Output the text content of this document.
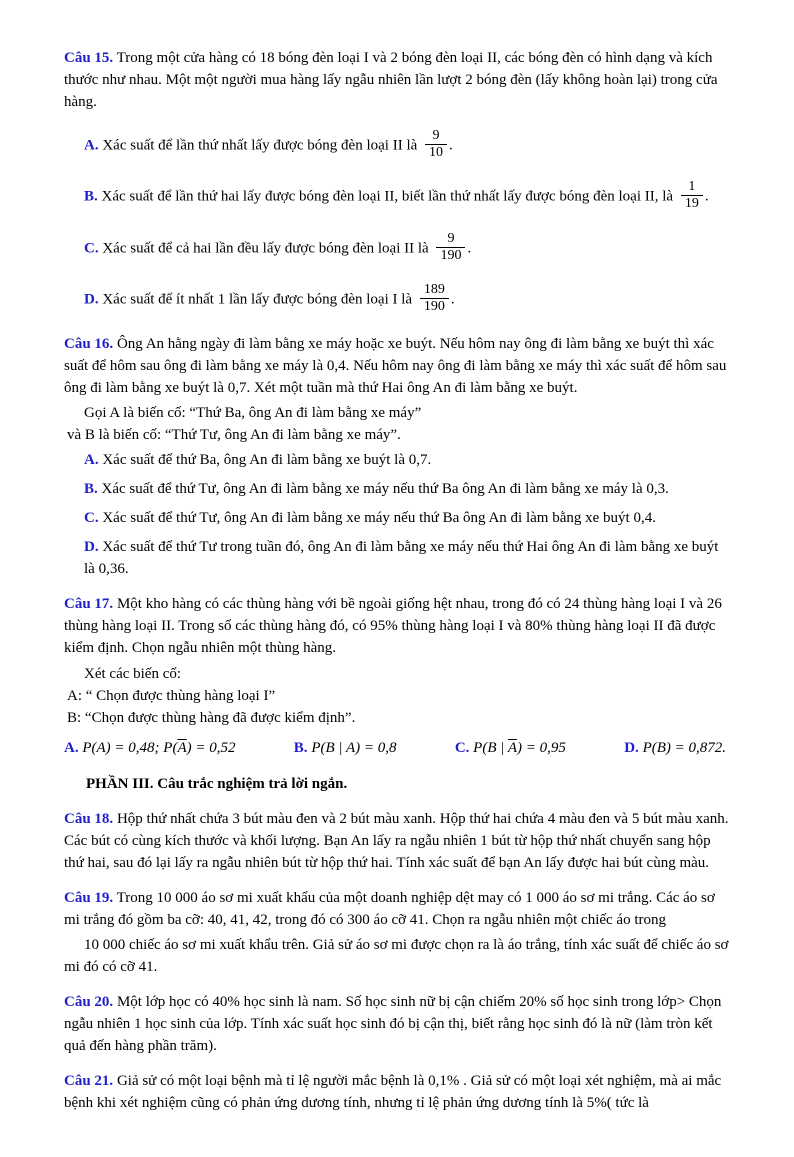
Câu 15. Trong một cửa hàng có 18 bóng đèn loại I và 2 bóng đèn loại II, các bóng đèn có hình dạng và kích thước như nhau. Một một người mua hàng lấy ngẫu nhiên lần lượt 2 bóng đèn (lấy không hoàn lại) trong cửa hàng.

A. Xác suất để lần thứ nhất lấy được bóng đèn loại II là $\frac{9}{10}$ .

B. Xác suất để lần thứ hai lấy được bóng đèn loại II, biết lần thứ nhất lấy được bóng đèn loại II, là $\frac{1}{19}$ .

C. Xác suất để cả hai lần đều lấy được bóng đèn loại II là $\frac{9}{190}$ .

D. Xác suất để ít nhất 1 lần lấy được bóng đèn loại I là $\frac{189}{190}$ .

Câu 16. Ông An hằng ngày đi làm bằng xe máy hoặc xe buýt. Nếu hôm nay ông đi làm bằng xe buýt thì xác suất để hôm sau ông đi làm bằng xe máy là 0,4. Nếu hôm nay ông đi làm bằng xe máy thì xác suất để hôm sau ông đi làm bằng xe buýt là 0,7. Xét một tuần mà thứ Hai ông An đi làm bằng xe buýt.

Gọi A là biến cố: “Thứ Ba, ông An đi làm bằng xe máy”

và B là biến cố: “Thứ Tư, ông An đi làm bằng xe máy”.

A. Xác suất để thứ Ba, ông An đi làm bằng xe buýt là 0,7.

B. Xác suất để thứ Tư, ông An đi làm bằng xe máy nếu thứ Ba ông An đi làm bằng xe máy là 0,3.

C. Xác suất để thứ Tư, ông An đi làm bằng xe máy nếu thứ Ba ông An đi làm bằng xe buýt 0,4.

D. Xác suất để thứ Tư trong tuần đó, ông An đi làm bằng xe máy nếu thứ Hai ông An đi làm bằng xe buýt là 0,36.

Câu 17. Một kho hàng có các thùng hàng với bề ngoài giống hệt nhau, trong đó có 24 thùng hàng loại I và 26 thùng hàng loại II. Trong số các thùng hàng đó, có 95% thùng hàng loại I và 80% thùng hàng loại II đã được kiểm định. Chọn ngẫu nhiên một thùng hàng.

Xét các biến cố:

A: “ Chọn được thùng hàng loại I”

B: “Chọn được thùng hàng đã được kiểm định”.

A. P(A) = 0,48; $P(\overline{A}) = 0,52$	B. P(B | A) = 0,8	C. P(B | $\overline{A}) = 0,95$	D. P(B) = 0,872.

PHẦN III. Câu trắc nghiệm trả lời ngắn.

Câu 18. Hộp thứ nhất chứa 3 bút màu đen và 2 bút màu xanh. Hộp thứ hai chứa 4 màu đen và 5 bút màu xanh. Các bút có cùng kích thước và khối lượng. Bạn An lấy ra ngẫu nhiên 1 bút từ hộp thứ nhất chuyển sang hộp thứ hai, sau đó lại lấy ra ngẫu nhiên bút từ hộp thứ hai. Tính xác suất để bạn An lấy được hai bút cùng màu.

Câu 19. Trong 10 000 áo sơ mi xuất khẩu của một doanh nghiệp dệt may có 1 000 áo sơ mi trắng. Các áo sơ mi trắng đó gồm ba cỡ: 40, 41, 42, trong đó có 300 áo cỡ 41. Chọn ra ngẫu nhiên một chiếc áo trong

10 000 chiếc áo sơ mi xuất khẩu trên. Giả sử áo sơ mi được chọn ra là áo trắng, tính xác suất để chiếc áo sơ mi đó có cỡ 41.

Câu 20. Một lớp học có 40% học sinh là nam. Số học sinh nữ bị cận chiếm 20% số học sinh trong lớp> Chọn ngẫu nhiên 1 học sinh của lớp. Tính xác suất học sinh đó bị cận thị, biết rằng học sinh đó là nữ (làm tròn kết quả đến hàng phần trăm).

Câu 21. Giả sử có một loại bệnh mà tỉ lệ người mắc bệnh là 0,1% . Giả sử có một loại xét nghiệm, mà ai mắc bệnh khi xét nghiệm cũng có phản ứng dương tính, nhưng tỉ lệ phản ứng dương tính là 5%( tức là
